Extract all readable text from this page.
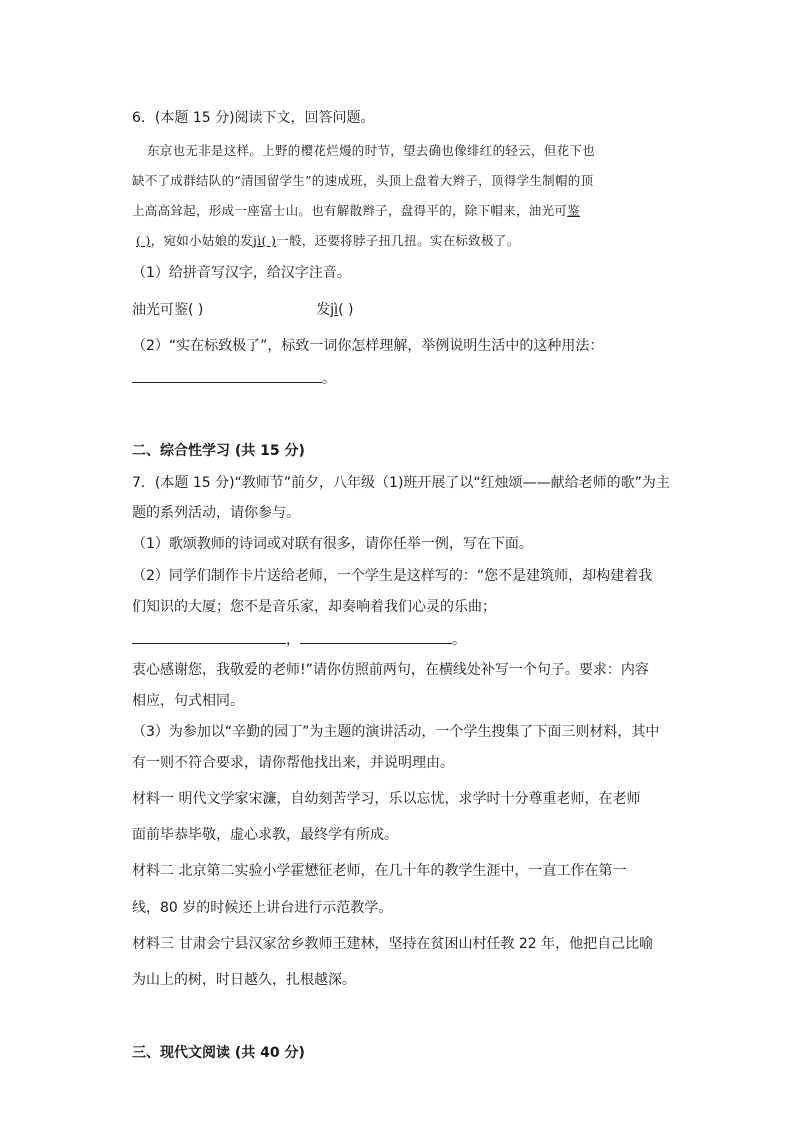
6．(本题 15 分)阅读下文，回答问题。
东京也无非是这样。上野的樱花烂熳的时节，望去确也像绯红的轻云，但花下也
缺不了成群结队的“清国留学生”的速成班，头顶上盘着大辫子，顶得学生制帽的顶
上高高耸起，形成一座富士山。也有解散辫子，盘得平的，除下帽来，油光可鉴
( )，宛如小姑娘的发jì( )一般，还要将脖子扭几扭。实在标致极了。
（1）给拼音写汉字，给汉字注音。
油光可鉴( )	发jì( )
（2）“实在标致极了”，标致一词你怎样理解，举例说明生活中的这种用法：
。
二、综合性学习 (共 15 分)
7．(本题 15 分)“教师节”前夕，八年级（1)班开展了以“红烛颂——献给老师的歌”为主
题的系列活动，请你参与。
（1）歌颂教师的诗词或对联有很多，请你任举一例，写在下面。
（2）同学们制作卡片送给老师，一个学生是这样写的：“您不是建筑师，却构建着我
们知识的大厦；您不是音乐家，却奏响着我们心灵的乐曲；
，	。
衷心感谢您，我敬爱的老师!”请你仿照前两句，在横线处补写一个句子。要求：内容
相应，句式相同。
（3）为参加以“辛勤的园丁”为主题的演讲活动，一个学生搜集了下面三则材料，其中
有一则不符合要求，请你帮他找出来，并说明理由。
材料一 明代文学家宋濂，自幼刻苦学习，乐以忘忧，求学时十分尊重老师，在老师
面前毕恭毕敬，虚心求教，最终学有所成。
材料二 北京第二实验小学霍懋征老师，在几十年的教学生涯中，一直工作在第一
线，80 岁的时候还上讲台进行示范教学。
材料三 甘肃会宁县汉家岔乡教师王建林，坚持在贫困山村任教 22 年，他把自己比喻
为山上的树，时日越久，扎根越深。
三、现代文阅读 (共 40 分)
